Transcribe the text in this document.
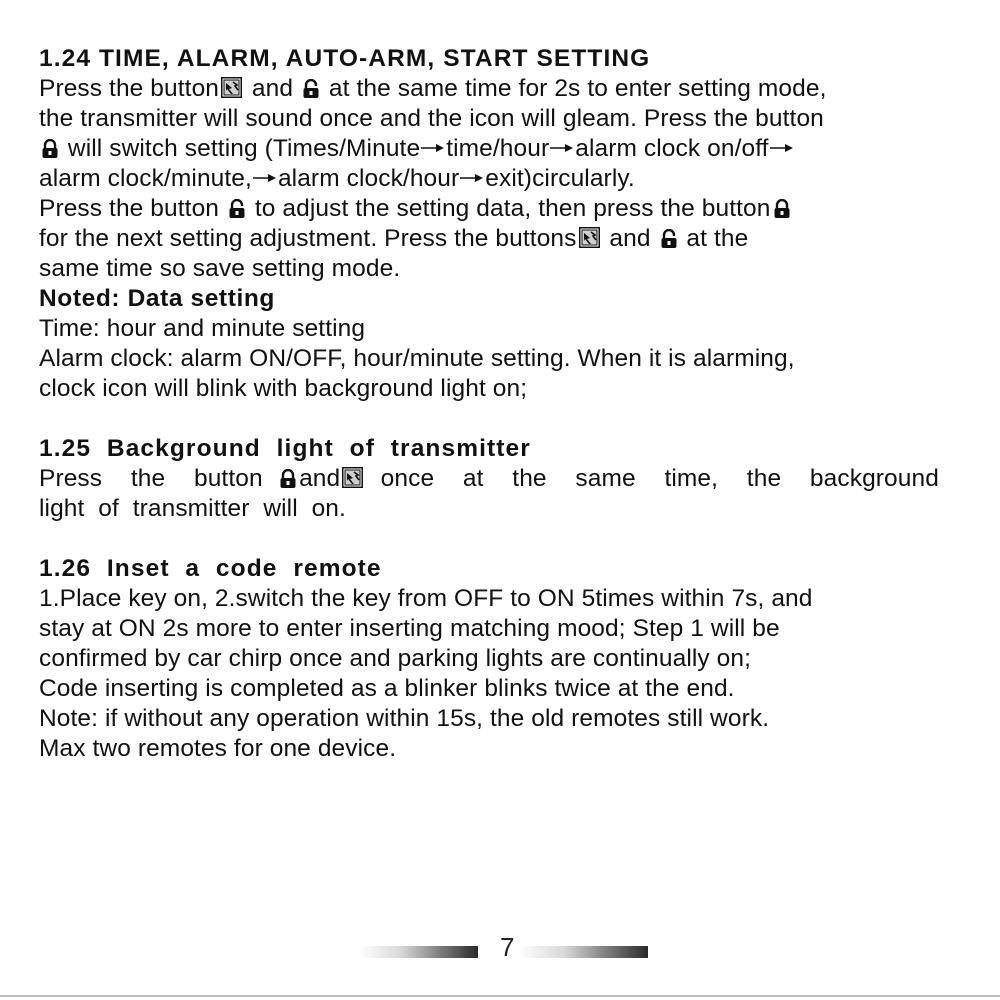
1.24 TIME, ALARM, AUTO-ARM, START SETTING
Press the button and  at the same time for 2s to enter setting mode,
the transmitter will sound once and the icon will gleam. Press the button
will switch setting (Times/Minute time/hour alarm clock on/off
alarm clock/minute, alarm clock/hour exit)circularly.
Press the button  to adjust the setting data, then press the button
for the next setting adjustment. Press the buttons and  at the
same time so save setting mode.
Noted: Data setting
Time: hour and minute setting
Alarm clock: alarm ON/OFF, hour/minute setting. When it is alarming,
clock icon will blink with background light on;
1.25  Background  light  of  transmitter
Press  the  button and once  at  the  same  time,  the  background
light  of  transmitter  will  on.
1.26  Inset  a  code  remote
1.Place key on, 2.switch the key from OFF to ON 5times within 7s, and
stay at ON 2s more to enter inserting matching mood; Step 1 will be
confirmed by car chirp once and parking lights are continually on;
Code inserting is completed as a blinker blinks twice at the end.
Note: if without any operation within 15s, the old remotes still work.
Max two remotes for one device.
7
